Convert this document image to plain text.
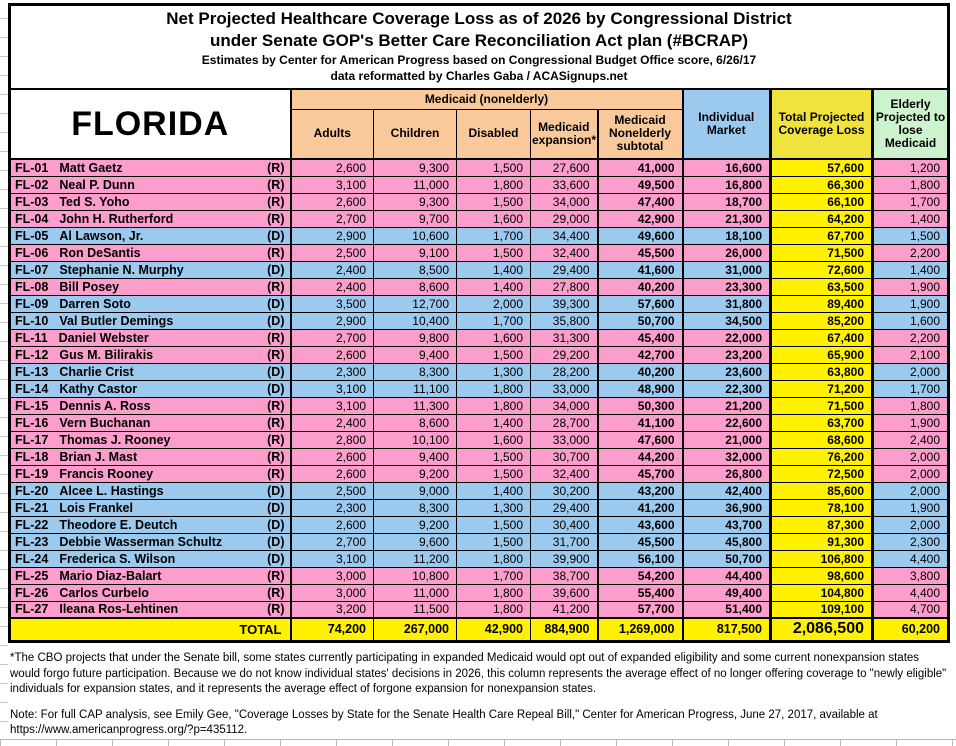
Net Projected Healthcare Coverage Loss as of 2026 by Congressional District
under Senate GOP's Better Care Reconciliation Act plan (#BCRAP)
Estimates by Center for American Progress based on Congressional Budget Office score, 6/26/17
data reformatted by Charles Gaba / ACASignups.net								

FLORIDA	Medicaid (nonelderly)					Individual Market	Total Projected Coverage Loss	Elderly Projected to lose Medicaid
	Adults	Children	Disabled	Medicaid expansion*	Medicaid Nonelderly subtotal			

FL-01 Matt Gaetz (R)	2,600	9,300	1,500	27,600	41,000	16,600	57,600	1,200

FL-02 Neal P. Dunn (R)	3,100	11,000	1,800	33,600	49,500	16,800	66,300	1,800

FL-03 Ted S. Yoho (R)	2,600	9,300	1,500	34,000	47,400	18,700	66,100	1,700

FL-04 John H. Rutherford (R)	2,700	9,700	1,600	29,000	42,900	21,300	64,200	1,400

FL-05 Al Lawson, Jr. (D)	2,900	10,600	1,700	34,400	49,600	18,100	67,700	1,500

FL-06 Ron DeSantis (R)	2,500	9,100	1,500	32,400	45,500	26,000	71,500	2,200

FL-07 Stephanie N. Murphy (D)	2,400	8,500	1,400	29,400	41,600	31,000	72,600	1,400

FL-08 Bill Posey (R)	2,400	8,600	1,400	27,800	40,200	23,300	63,500	1,900

FL-09 Darren Soto (D)	3,500	12,700	2,000	39,300	57,600	31,800	89,400	1,900

FL-10 Val Butler Demings (D)	2,900	10,400	1,700	35,800	50,700	34,500	85,200	1,600

FL-11 Daniel Webster (R)	2,700	9,800	1,600	31,300	45,400	22,000	67,400	2,200

FL-12 Gus M. Bilirakis (R)	2,600	9,400	1,500	29,200	42,700	23,200	65,900	2,100

FL-13 Charlie Crist (D)	2,300	8,300	1,300	28,200	40,200	23,600	63,800	2,000

FL-14 Kathy Castor (D)	3,100	11,100	1,800	33,000	48,900	22,300	71,200	1,700

FL-15 Dennis A. Ross (R)	3,100	11,300	1,800	34,000	50,300	21,200	71,500	1,800

FL-16 Vern Buchanan (R)	2,400	8,600	1,400	28,700	41,100	22,600	63,700	1,900

FL-17 Thomas J. Rooney (R)	2,800	10,100	1,600	33,000	47,600	21,000	68,600	2,400

FL-18 Brian J. Mast (R)	2,600	9,400	1,500	30,700	44,200	32,000	76,200	2,000

FL-19 Francis Rooney (R)	2,600	9,200	1,500	32,400	45,700	26,800	72,500	2,000

FL-20 Alcee L. Hastings (D)	2,500	9,000	1,400	30,200	43,200	42,400	85,600	2,000

FL-21 Lois Frankel (D)	2,300	8,300	1,300	29,400	41,200	36,900	78,100	1,900

FL-22 Theodore E. Deutch (D)	2,600	9,200	1,500	30,400	43,600	43,700	87,300	2,000

FL-23 Debbie Wasserman Schultz (D)	2,700	9,600	1,500	31,700	45,500	45,800	91,300	2,300

FL-24 Frederica S. Wilson (D)	3,100	11,200	1,800	39,900	56,100	50,700	106,800	4,400

FL-25 Mario Diaz-Balart (R)	3,000	10,800	1,700	38,700	54,200	44,400	98,600	3,800

FL-26 Carlos Curbelo (R)	3,000	11,000	1,800	39,600	55,400	49,400	104,800	4,400

FL-27 Ileana Ros-Lehtinen (R)	3,200	11,500	1,800	41,200	57,700	51,400	109,100	4,700
TOTAL	74,200	267,000	42,900	884,900	1,269,000	817,500	2,086,500	60,200
*The CBO projects that under the Senate bill, some states currently participating in expanded Medicaid would opt out of expanded eligibility and some current nonexpansion states would forgo future participation. Because we do not know individual states' decisions in 2026, this column represents the average effect of no longer offering coverage to "newly eligible" individuals for expansion states, and it represents the average effect of forgone expansion for nonexpansion states.
Note: For full CAP analysis, see Emily Gee, "Coverage Losses by State for the Senate Health Care Repeal Bill," Center for American Progress, June 27, 2017, available at https://www.americanprogress.org/?p=435112.
